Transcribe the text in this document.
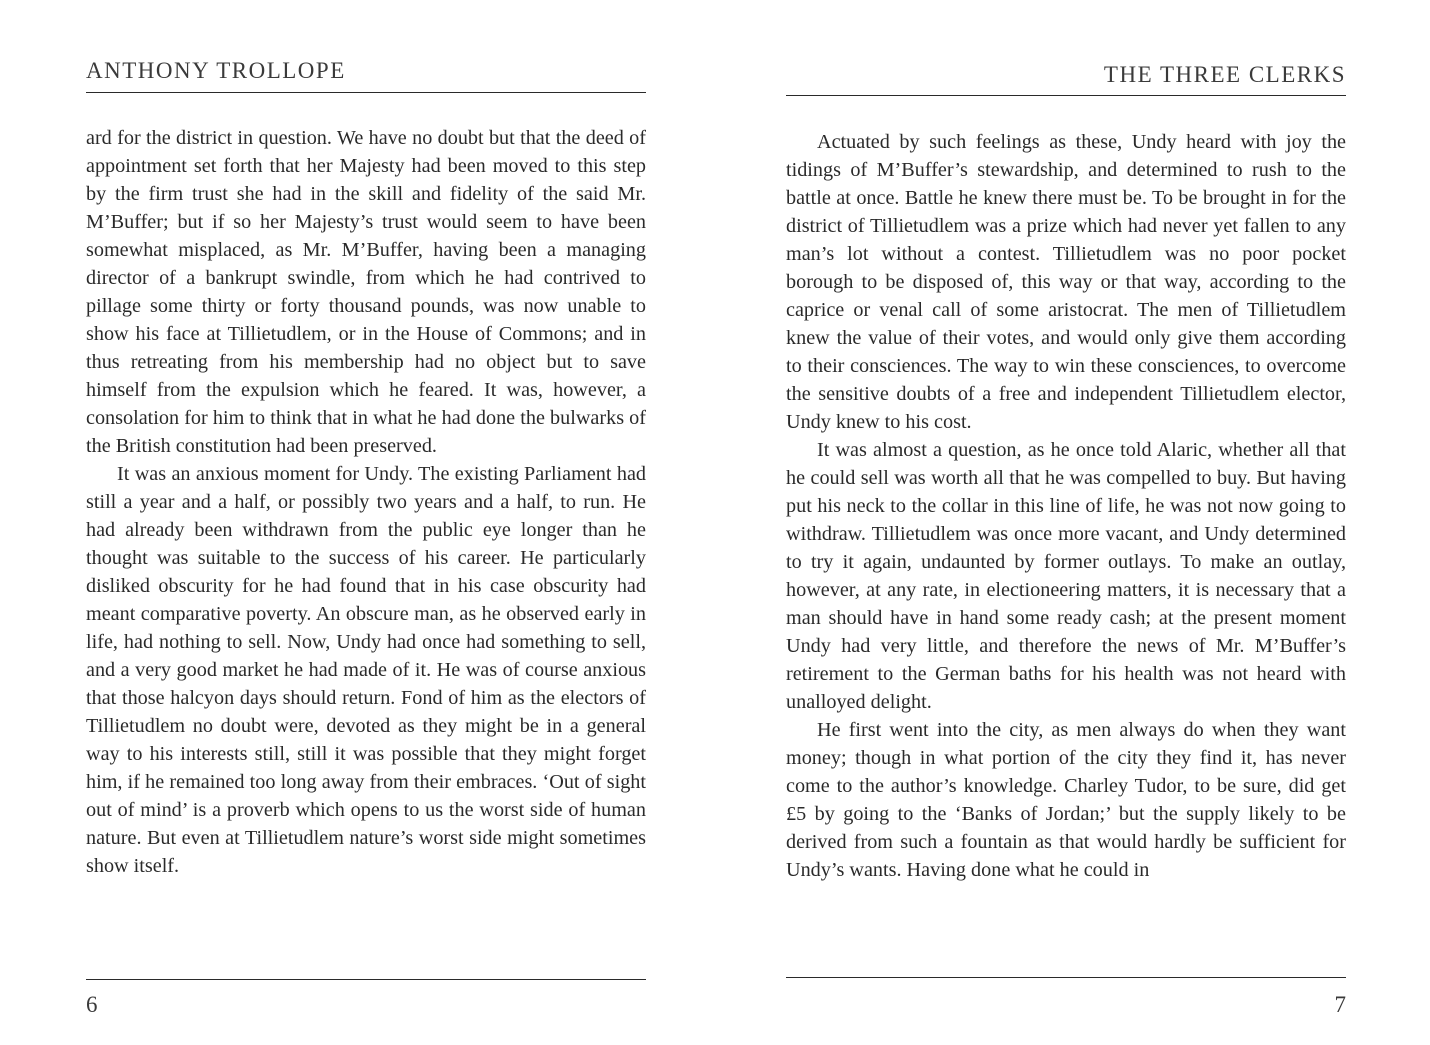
ANTHONY TROLLOPE

ard for the district in question. We have no doubt but that the deed of appointment set forth that her Majesty had been moved to this step by the firm trust she had in the skill and fidelity of the said Mr. M’Buffer; but if so her Majesty’s trust would seem to have been somewhat misplaced, as Mr. M’Buffer, having been a managing director of a bankrupt swindle, from which he had contrived to pillage some thirty or forty thousand pounds, was now unable to show his face at Tillietudlem, or in the House of Commons; and in thus retreating from his membership had no object but to save himself from the expulsion which he feared. It was, however, a consolation for him to think that in what he had done the bulwarks of the British constitution had been preserved.

It was an anxious moment for Undy. The existing Parliament had still a year and a half, or possibly two years and a half, to run. He had already been withdrawn from the public eye longer than he thought was suitable to the success of his career. He particularly disliked obscurity for he had found that in his case obscurity had meant comparative poverty. An obscure man, as he observed early in life, had nothing to sell. Now, Undy had once had something to sell, and a very good market he had made of it. He was of course anxious that those halcyon days should return. Fond of him as the electors of Tillietudlem no doubt were, devoted as they might be in a general way to his interests still, still it was possible that they might forget him, if he remained too long away from their embraces. ‘Out of sight out of mind’ is a proverb which opens to us the worst side of human nature. But even at Tillietudlem nature’s worst side might sometimes show itself.

6
THE THREE CLERKS

Actuated by such feelings as these, Undy heard with joy the tidings of M’Buffer’s stewardship, and determined to rush to the battle at once. Battle he knew there must be. To be brought in for the district of Tillietudlem was a prize which had never yet fallen to any man’s lot without a contest. Tillietudlem was no poor pocket borough to be disposed of, this way or that way, according to the caprice or venal call of some aristocrat. The men of Tillietudlem knew the value of their votes, and would only give them according to their consciences. The way to win these consciences, to overcome the sensitive doubts of a free and independent Tillietudlem elector, Undy knew to his cost.

It was almost a question, as he once told Alaric, whether all that he could sell was worth all that he was compelled to buy. But having put his neck to the collar in this line of life, he was not now going to withdraw. Tillietudlem was once more vacant, and Undy determined to try it again, undaunted by former outlays. To make an outlay, however, at any rate, in electioneering matters, it is necessary that a man should have in hand some ready cash; at the present moment Undy had very little, and therefore the news of Mr. M’Buffer’s retirement to the German baths for his health was not heard with unalloyed delight.

He first went into the city, as men always do when they want money; though in what portion of the city they find it, has never come to the author’s knowledge. Charley Tudor, to be sure, did get £5 by going to the ‘Banks of Jordan;’ but the supply likely to be derived from such a fountain as that would hardly be sufficient for Undy’s wants. Having done what he could in

7
